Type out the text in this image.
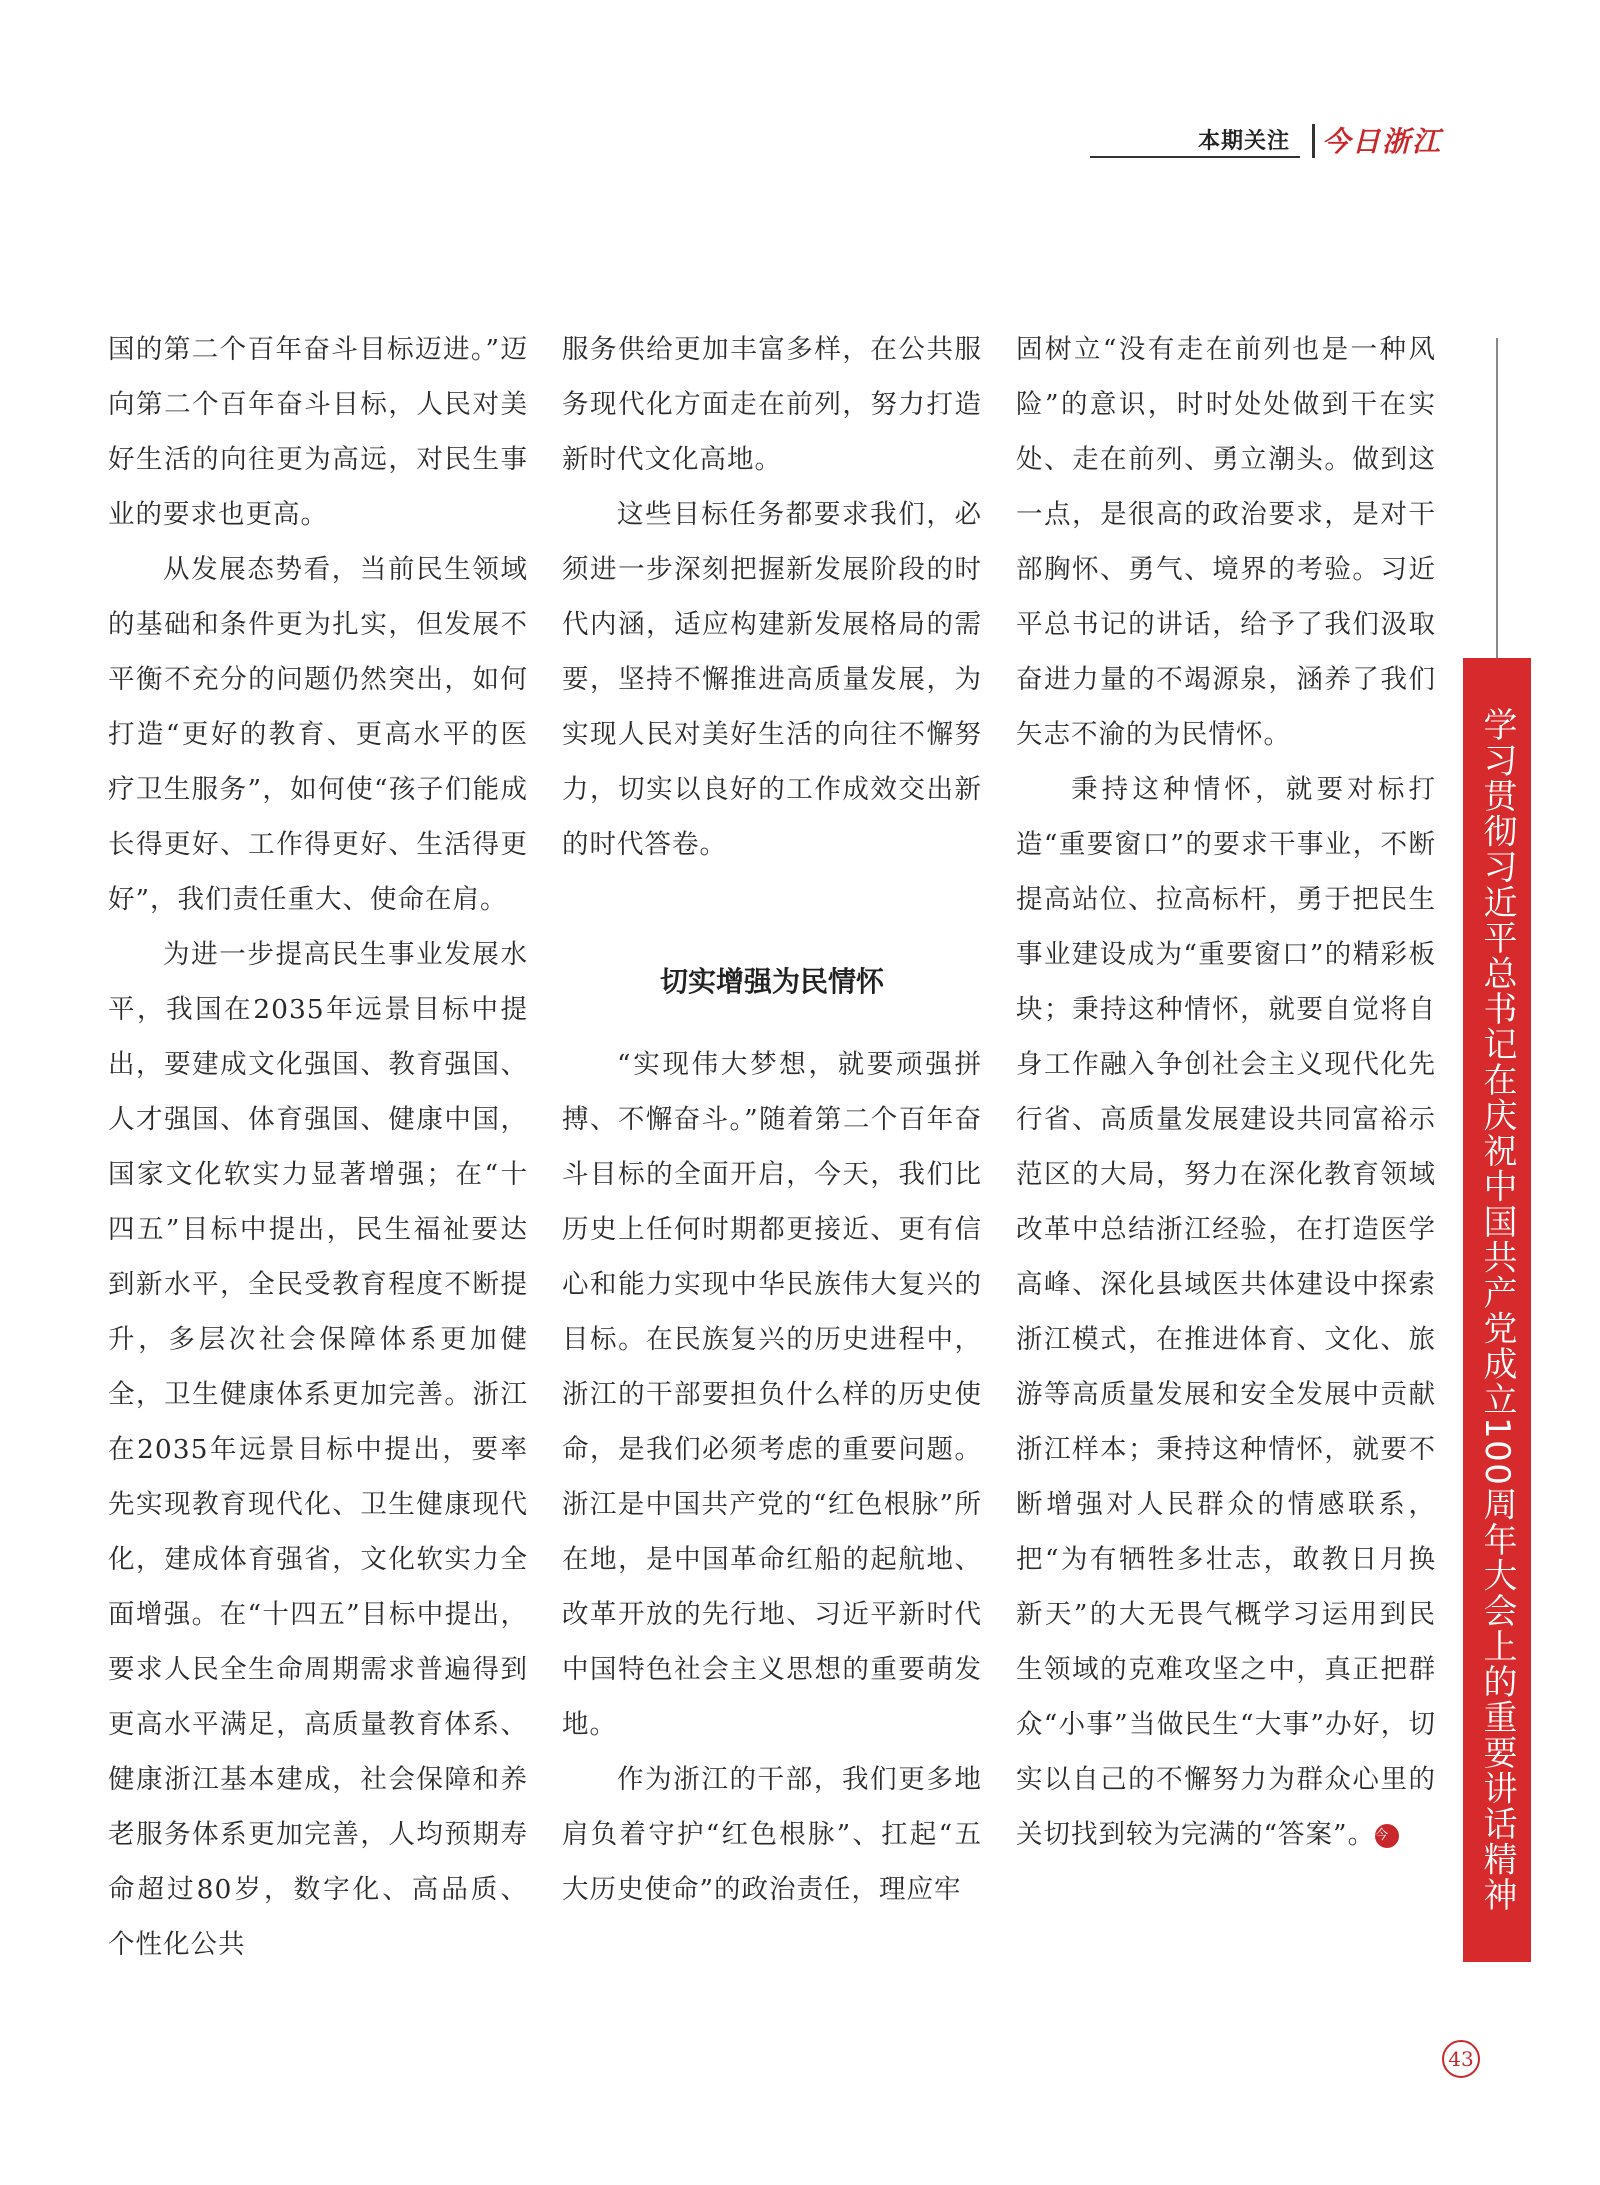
本期关注 今日浙江

国的第二个百年奋斗目标迈进。”迈向第二个百年奋斗目标，人民对美好生活的向往更为高远，对民生事业的要求也更高。

从发展态势看，当前民生领域的基础和条件更为扎实，但发展不平衡不充分的问题仍然突出，如何打造“更好的教育、更高水平的医疗卫生服务”，如何使“孩子们能成长得更好、工作得更好、生活得更好”，我们责任重大、使命在肩。

为进一步提高民生事业发展水平，我国在2035年远景目标中提出，要建成文化强国、教育强国、人才强国、体育强国、健康中国，国家文化软实力显著增强；在“十四五”目标中提出，民生福祉要达到新水平，全民受教育程度不断提升，多层次社会保障体系更加健全，卫生健康体系更加完善。浙江在2035年远景目标中提出，要率先实现教育现代化、卫生健康现代化，建成体育强省，文化软实力全面增强。在“十四五”目标中提出，要求人民全生命周期需求普遍得到更高水平满足，高质量教育体系、健康浙江基本建成，社会保障和养老服务体系更加完善，人均预期寿命超过80岁，数字化、高品质、个性化公共

服务供给更加丰富多样，在公共服务现代化方面走在前列，努力打造新时代文化高地。

这些目标任务都要求我们，必须进一步深刻把握新发展阶段的时代内涵，适应构建新发展格局的需要，坚持不懈推进高质量发展，为实现人民对美好生活的向往不懈努力，切实以良好的工作成效交出新的时代答卷。

切实增强为民情怀

“实现伟大梦想，就要顽强拼搏、不懈奋斗。”随着第二个百年奋斗目标的全面开启，今天，我们比历史上任何时期都更接近、更有信心和能力实现中华民族伟大复兴的目标。在民族复兴的历史进程中，浙江的干部要担负什么样的历史使命，是我们必须考虑的重要问题。浙江是中国共产党的“红色根脉”所在地，是中国革命红船的起航地、改革开放的先行地、习近平新时代中国特色社会主义思想的重要萌发地。

作为浙江的干部，我们更多地肩负着守护“红色根脉”、扛起“五大历史使命”的政治责任，理应牢

固树立“没有走在前列也是一种风险”的意识，时时处处做到干在实处、走在前列、勇立潮头。做到这一点，是很高的政治要求，是对干部胸怀、勇气、境界的考验。习近平总书记的讲话，给予了我们汲取奋进力量的不竭源泉，涵养了我们矢志不渝的为民情怀。

秉持这种情怀，就要对标打造“重要窗口”的要求干事业，不断提高站位、拉高标杆，勇于把民生事业建设成为“重要窗口”的精彩板块；秉持这种情怀，就要自觉将自身工作融入争创社会主义现代化先行省、高质量发展建设共同富裕示范区的大局，努力在深化教育领域改革中总结浙江经验，在打造医学高峰、深化县域医共体建设中探索浙江模式，在推进体育、文化、旅游等高质量发展和安全发展中贡献浙江样本；秉持这种情怀，就要不断增强对人民群众的情感联系，把“为有牺牲多壮志，敢教日月换新天”的大无畏气概学习运用到民生领域的克难攻坚之中，真正把群众“小事”当做民生“大事”办好，切实以自己的不懈努力为群众心里的关切找到较为完满的“答案”。今	学习贯彻习近平总书记在庆祝中国共产党成立100周年大会上的重要讲话精神
43
